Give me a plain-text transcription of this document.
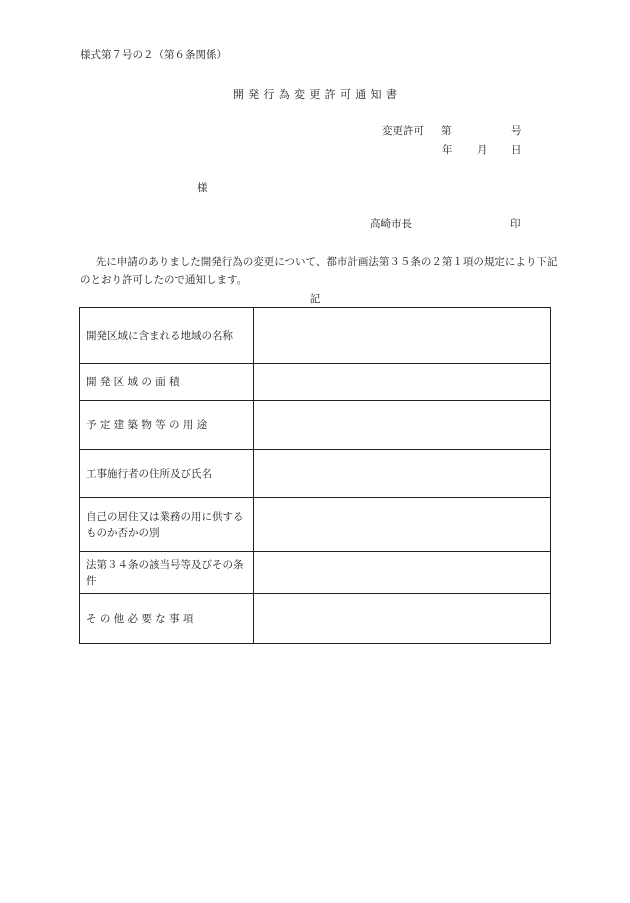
様式第７号の２（第６条関係）
開発行為変更許可通知書
変更許可 第	号
年 月 日
様
高崎市長	印
先に申請のありました開発行為の変更について、都市計画法第３５条の２第１項の規定により下記のとおり許可したので通知します。
記
開発区域に含まれる地域の名称	
開 発 区 域 の 面 積	
予 定 建 築 物 等 の 用 途	
工事施行者の住所及び氏名	
自己の居住又は業務の用に供するものか否かの別	
法第３４条の該当号等及びその条件	
そ の 他 必 要 な 事 項	
